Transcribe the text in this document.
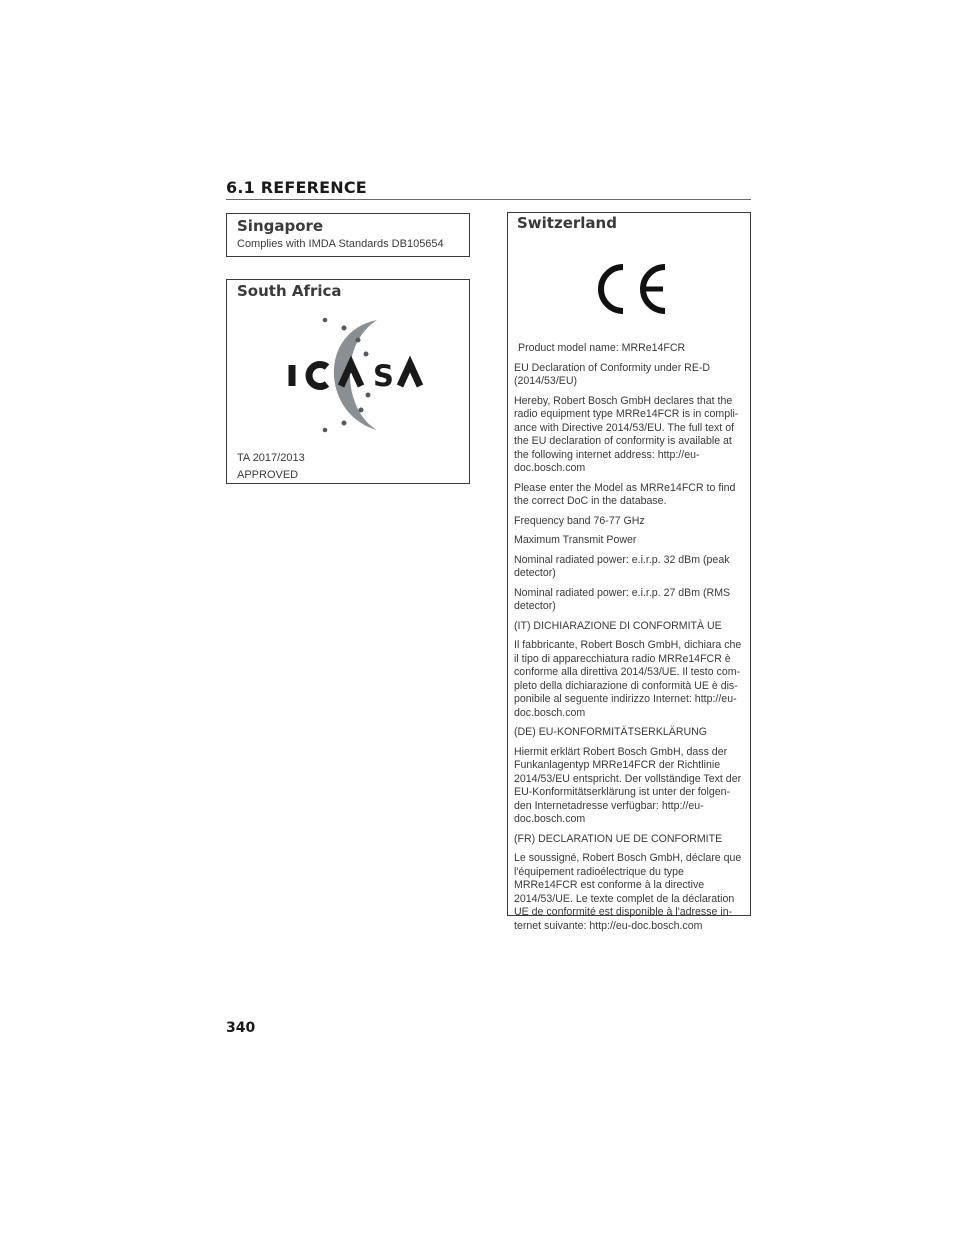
6.1 REFERENCE
Singapore
Complies with IMDA Standards DB105654
South Africa
S
TA 2017/2013
APPROVED
Switzerland

Product model name: MRRe14FCR

EU Declaration of Conformity under RE-D (2014/53/EU)

Hereby, Robert Bosch GmbH declares that the radio equipment type MRRe14FCR is in compli-ance with Directive 2014/53/EU. The full text of the EU declaration of conformity is available at the following internet address: http://eu-doc.bosch.com

Please enter the Model as MRRe14FCR to find the correct DoC in the database.

Frequency band 76-77 GHz

Maximum Transmit Power

Nominal radiated power: e.i.r.p. 32 dBm (peak detector)

Nominal radiated power: e.i.r.p. 27 dBm (RMS detector)

(IT) DICHIARAZIONE DI CONFORMITÀ UE

Il fabbricante, Robert Bosch GmbH, dichiara che il tipo di apparecchiatura radio MRRe14FCR è conforme alla direttiva 2014/53/UE. Il testo com-pleto della dichiarazione di conformità UE è dis-ponibile al seguente indirizzo Internet: http://eu-doc.bosch.com

(DE) EU-KONFORMITÄTSERKLÄRUNG

Hiermit erklärt Robert Bosch GmbH, dass der Funkanlagentyp MRRe14FCR der Richtlinie 2014/53/EU entspricht. Der vollständige Text der EU-Konformitätserklärung ist unter der folgen-den Internetadresse verfügbar: http://eu-doc.bosch.com

(FR) DECLARATION UE DE CONFORMITE

Le soussigné, Robert Bosch GmbH, déclare que l'équipement radioélectrique du type MRRe14FCR est conforme à la directive 2014/53/UE. Le texte complet de la déclaration UE de conformité est disponible à l'adresse in-ternet suivante: http://eu-doc.bosch.com

340
